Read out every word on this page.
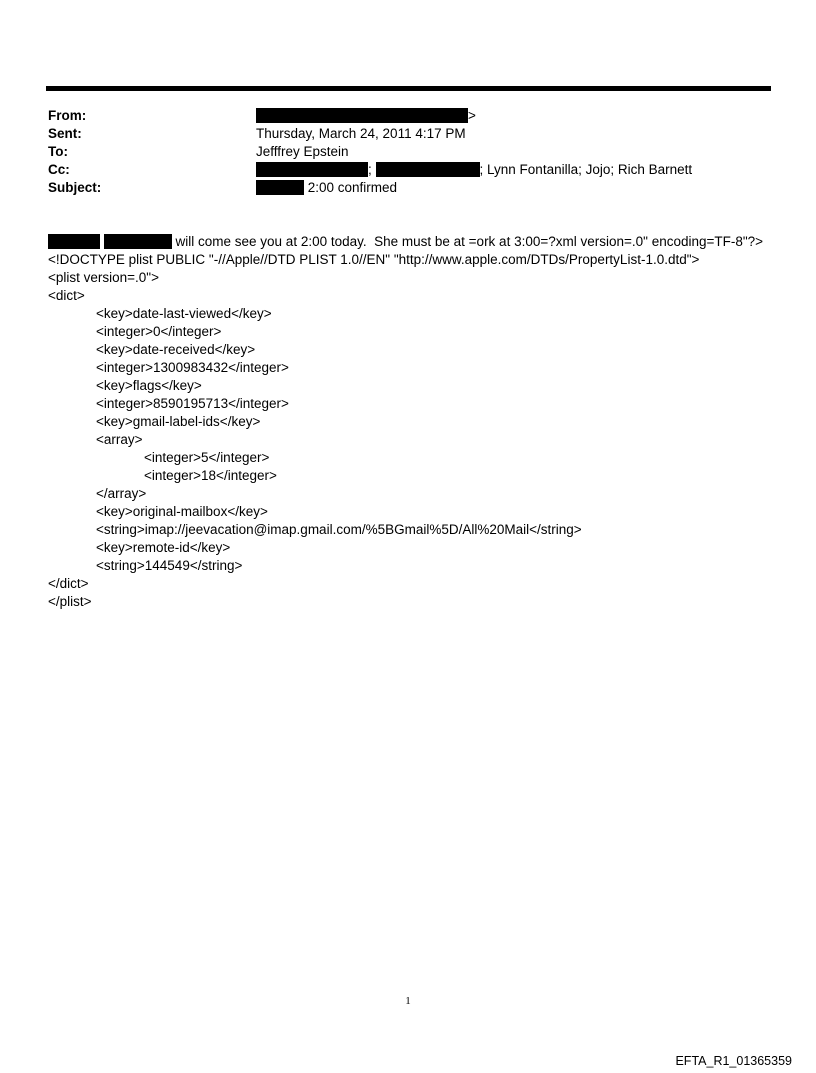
From:	>
Sent:	Thursday, March 24, 2011 4:17 PM
To:	Jefffrey Epstein
Cc:	;	; Lynn Fontanilla; Jojo; Rich Barnett
Subject:	2:00 confirmed
will come see you at 2:00 today.  She must be at =ork at 3:00=?xml version=.0" encoding=TF-8"?>
<!DOCTYPE plist PUBLIC "-//Apple//DTD PLIST 1.0//EN" "http://www.apple.com/DTDs/PropertyList-1.0.dtd">
<plist version=.0">
<dict>
<key>date-last-viewed</key>
<integer>0</integer>
<key>date-received</key>
<integer>1300983432</integer>
<key>flags</key>
<integer>8590195713</integer>
<key>gmail-label-ids</key>
<array>
<integer>5</integer>
<integer>18</integer>
</array>
<key>original-mailbox</key>
<string>imap://jeevacation@imap.gmail.com/%5BGmail%5D/All%20Mail</string>
<key>remote-id</key>
<string>144549</string>
</dict>
</plist>
1
EFTA_R1_01365359
